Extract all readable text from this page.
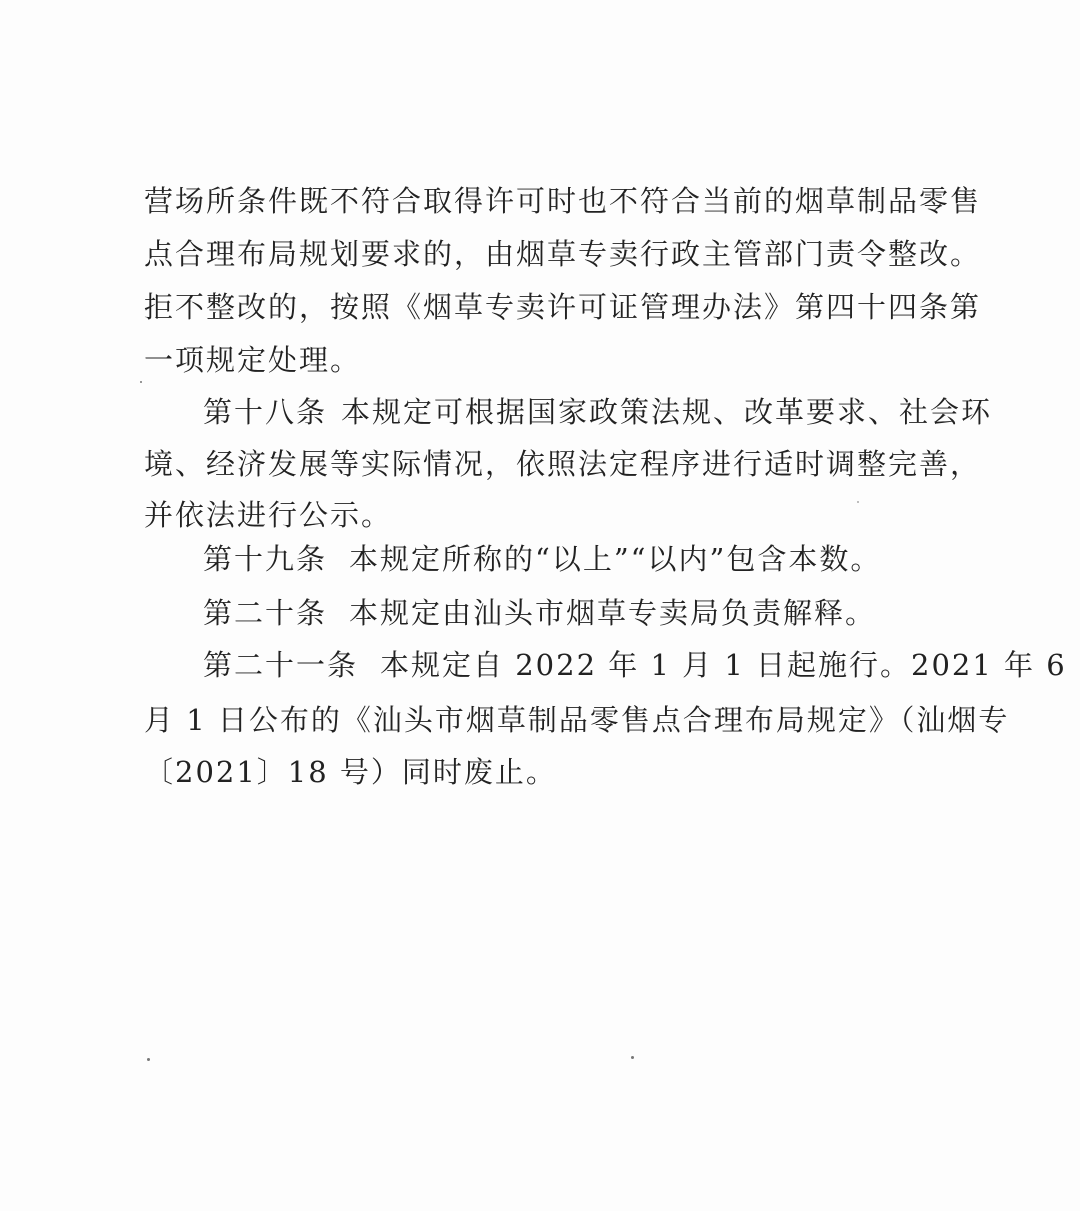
营场所条件既不符合取得许可时也不符合当前的烟草制品零售
点合理布局规划要求的，由烟草专卖行政主管部门责令整改。
拒不整改的，按照《烟草专卖许可证管理办法》第四十四条第
一项规定处理。
第十八条 本规定可根据国家政策法规、改革要求、社会环
境、经济发展等实际情况，依照法定程序进行适时调整完善，
并依法进行公示。
第十九条 本规定所称的“以上”“以内”包含本数。
第二十条 本规定由汕头市烟草专卖局负责解释。
第二十一条 本规定自 2022 年 1 月 1 日起施行。2021 年 6
月 1 日公布的《汕头市烟草制品零售点合理布局规定》（汕烟专
〔2021〕18 号）同时废止。
